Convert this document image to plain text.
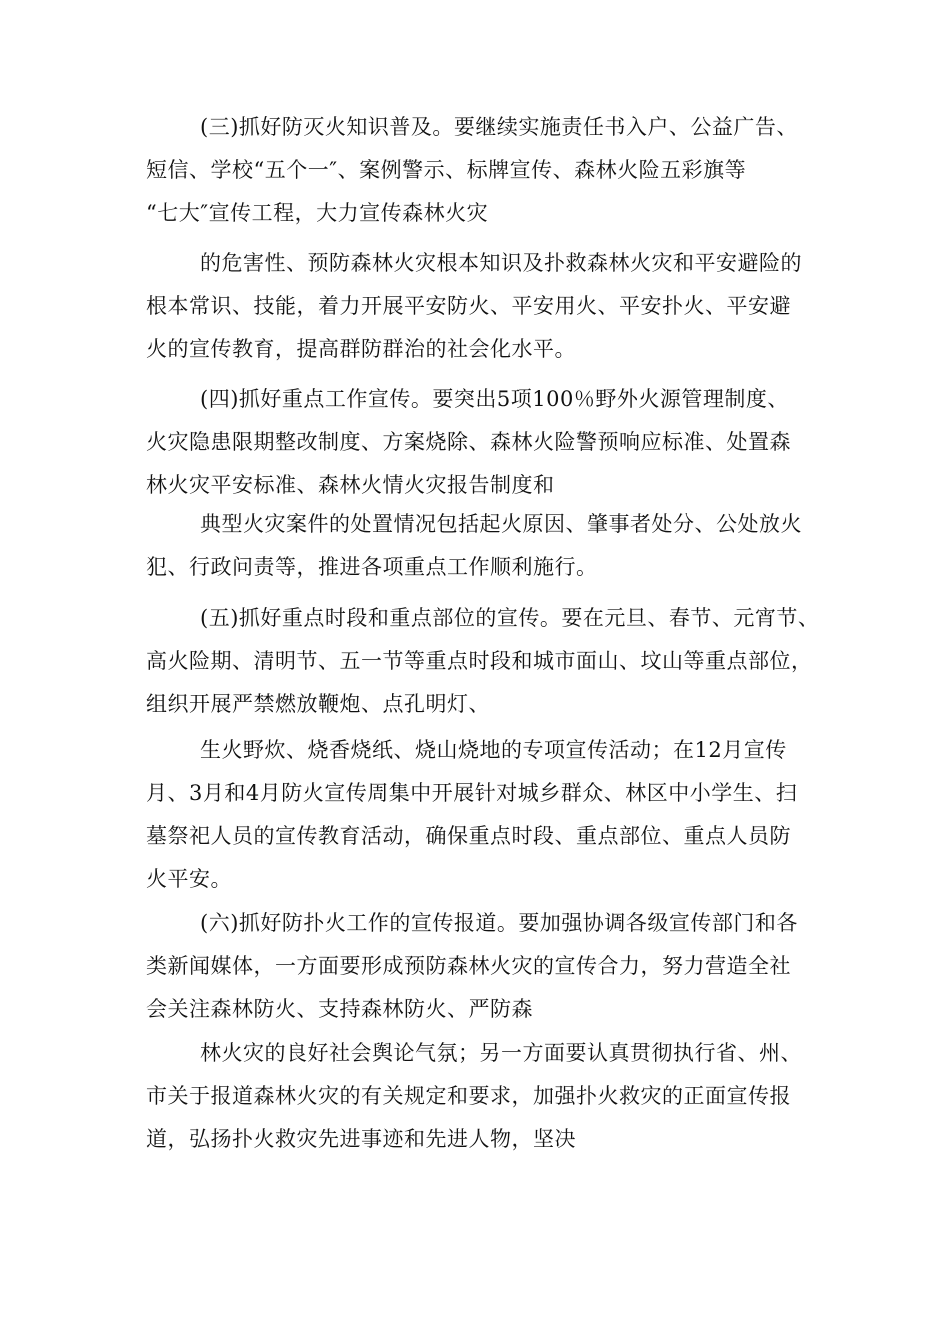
(三)抓好防灭火知识普及。要继续实施责任书入户、公益广告、
短信、学校“五个一″、案例警示、标牌宣传、森林火险五彩旗等
“七大″宣传工程，大力宣传森林火灾

的危害性、预防森林火灾根本知识及扑救森林火灾和平安避险的
根本常识、技能，着力开展平安防火、平安用火、平安扑火、平安避
火的宣传教育，提高群防群治的社会化水平。

(四)抓好重点工作宣传。要突出5项100％野外火源管理制度、
火灾隐患限期整改制度、方案烧除、森林火险警预响应标准、处置森
林火灾平安标准、森林火情火灾报告制度和

典型火灾案件的处置情况包括起火原因、肇事者处分、公处放火
犯、行政问责等，推进各项重点工作顺利施行。

(五)抓好重点时段和重点部位的宣传。要在元旦、春节、元宵节、
高火险期、清明节、五一节等重点时段和城市面山、坟山等重点部位，
组织开展严禁燃放鞭炮、点孔明灯、

生火野炊、烧香烧纸、烧山烧地的专项宣传活动；在12月宣传
月、3月和4月防火宣传周集中开展针对城乡群众、林区中小学生、扫
墓祭祀人员的宣传教育活动，确保重点时段、重点部位、重点人员防
火平安。

(六)抓好防扑火工作的宣传报道。要加强协调各级宣传部门和各
类新闻媒体，一方面要形成预防森林火灾的宣传合力，努力营造全社
会关注森林防火、支持森林防火、严防森

林火灾的良好社会舆论气氛；另一方面要认真贯彻执行省、州、
市关于报道森林火灾的有关规定和要求，加强扑火救灾的正面宣传报
道，弘扬扑火救灾先进事迹和先进人物，坚决
